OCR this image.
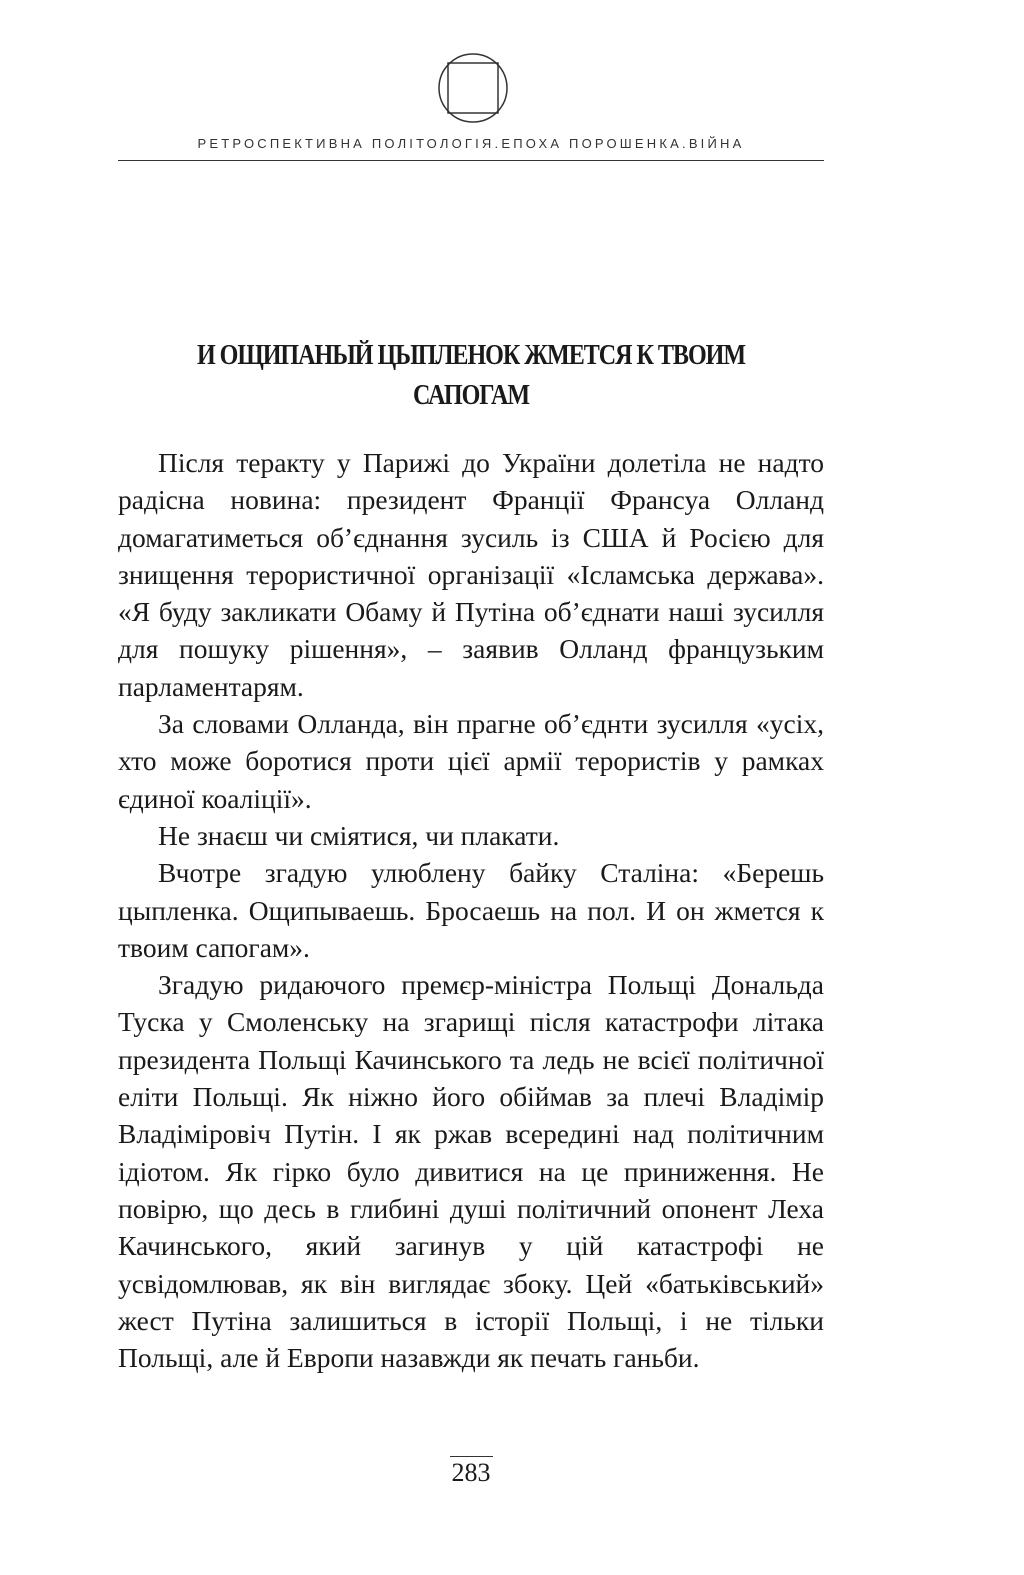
РЕТРОСПЕКТИВНА ПОЛІТОЛОГІЯ.ЕПОХА ПОРОШЕНКА.ВІЙНА
И ОЩИПАНЫЙ ЦЫПЛЕНОК ЖМЕТСЯ К ТВОИМ
САПОГАМ

Після теракту у Парижі до України долетіла не надто радісна новина: президент Франції Франсуа Олланд домагатиметься об’єднання зусиль із США й Росією для знищення терористичної організації «Ісламська держава». «Я буду закликати Обаму й Путіна об’єднати наші зусилля для пошуку рішення», – заявив Олланд французьким парламентарям.

За словами Олланда, він прагне об’єднти зусилля «усіх, хто може боротися проти цієї армії терористів у рамках єдиної коаліції».

Не знаєш чи сміятися, чи плакати.

Вчотре згадую улюблену байку Сталіна: «Берешь цыпленка. Ощипываешь. Бросаешь на пол. И он жмется к твоим сапогам».

Згадую ридаючого премєр-міністра Польщі Дональда Туска у Смоленську на згарищі після катастрофи літака президента Польщі Качинського та ледь не всієї політичної еліти Польщі. Як ніжно його обіймав за плечі Владімір Владіміровіч Путін. І як ржав всередині над політичним ідіотом. Як гірко було дивитися на це приниження. Не повірю, що десь в глибині душі політичний опонент Леха Качинського, який загинув у цій катастрофі не усвідомлював, як він виглядає збоку. Цей «батьківський» жест Путіна залишиться в історії Польщі, і не тільки Польщі, але й Европи назавжди як печать ганьби.

283
